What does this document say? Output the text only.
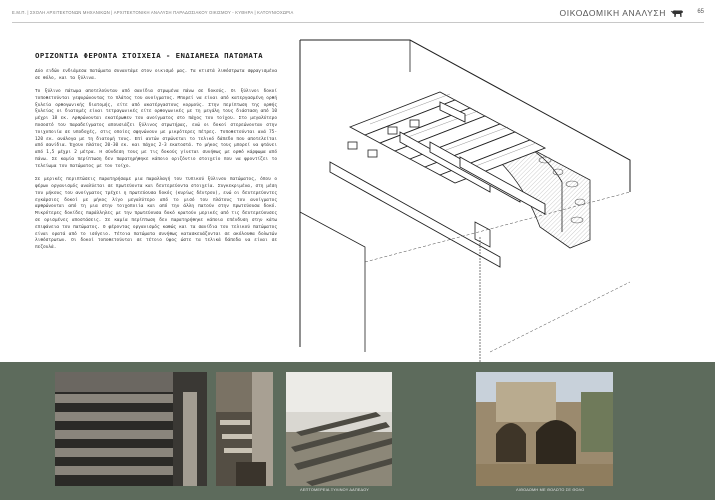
Ε.Μ.Π. | ΣΧΟΛΗ ΑΡΧΙΤΕΚΤΟΝΩΝ ΜΗΧΑΝΙΚΩΝ | ΑΡΧΙΤΕΚΤΟΝΙΚΗ ΑΝΑΛΥΣΗ ΠΑΡΑΔΟΣΙΑΚΟΥ ΟΙΚΙΣΜΟΥ - ΚΥΘΗΡΑ | ΚΑΤΟΥΝΙΟΧΩΡΙΑ	ΟΙΚΟΔΟΜΙΚΗ ΑΝΑΛΥΣΗ	65
ΟΡΙΖΟΝΤΙΑ ΦΕΡΟΝΤΑ ΣΤΟΙΧΕΙΑ - ΕΝΔΙΑΜΕΣΑ ΠΑΤΩΜΑΤΑ

Δύο ειδών ενδιάμεσα πατώματα συναντάμε στον οικισμό μας. Τα κτιστά λιθόστρωτα σφραγισμένα σε θόλο, και τα ξύλινα.

Το ξύλινο πάτωμα αποτελούνταν από σανίδια στρωμένα πάνω σε δοκούς. Οι ξύλινοι δοκοί τοποθετούνται γεφυρώνοντας το πλάτος του ανοίγματος. Μπορεί να είναι από κατεργασμένη ορθή ξυλεία ορθογωνικής διατομής, είτε από ακατέργαστους κορμούς. Στην περίπτωση της ορθής ξυλείας οι διατομές είναι τετραγωνικές είτε ορθογωνικές με τη μεγάλη τους διάσταση από 10 μέχρι 18 εκ. Αρθρώνονται εκατέρωθεν του ανοίγματος στο πάχος του τοίχου. Στο μεγαλύτερο ποσοστό του παραδείγματος απουσιάζει ξύλινος στρωτήρας, ενώ οι δοκοί στερεώνονταν στην τοιχοποιία σε υποδοχές, στις οποίες σφηνώνουν με μικρότερες πέτρες. Τοποθετούνται ανά 75-120 εκ. ανάλογα με τη διατομή τους. Επί αυτών στρώνεται το τελικό δάπεδο που αποτελείται από σανίδια. Έχουν πλάτος 20-30 εκ. και πάχος 2-3 εκατοστά. Το μήκος τους μπορεί να φτάνει από 1,5 μέχρι 2 μέτρα. Η σύνδεση τους με τις δοκούς γίνεται συνήθως με ορθό κάρφωμα από πάνω. Σε καμία περίπτωση δεν παρατηρήθηκε κάποιο οριζόντιο στοιχείο που να φροντίζει το τελείωμα του πατώματος με τον τοίχο.

Σε μερικές περιπτώσεις παρατηρήσαμε μια παραλλαγή του τυπικού ξύλινου πατώματος, όπου ο φέρων οργανισμός αναλύεται σε πρωτεύοντα και δευτερεύοντα στοιχεία. Συγκεκριμένα, στη μέση του μήκους του ανοίγματος τρέχει η πρωτεύουσα δοκός (κυρίως δέντρου), ενώ οι δευτερεύοντες εγκάρσιες δοκοί με μήκος λίγο μεγαλύτερο από το μισό του πλάτους του ανοίγματος αρθρώνονται από τη μια στην τοιχοποιία και από την άλλη πατούν στην πρωτεύουσα δοκό. Μικρότερες δοκίδες παράλληλες με την πρωτεύουσα δοκό κρατούν μερικές από τις δευτερεύουσες σε ορισμένες αποστάσεις. Σε καμία περίπτωση δεν παρατηρήθηκε κάποια επένδυση στην κάτω επιφάνεια του πατώματος. Ο φέροντας οργανισμός καθώς και τα σανίδια του τελικού πατώματος είναι ορατά από το ισόγειο. Τέτοια πατώματα συνήθως κατασκευάζονται σε ακόλουθα δολωτών λιθόστρωτων. Οι δοκοί τοποθετούνται σε τέτοιο ύψος ώστε τα τελικά δάπεδα να είναι σε πεζουλά.

ΛΕΠΤΟΜΕΡΕΙΑ ΞΥΛΙΝΟΥ ΔΑΠΕΔΟΥ	ΛΙΘΟΔΟΜΗ ΜΕ ΘΟΛΩΤΟ ΣΕ ΘΟΛΟ
